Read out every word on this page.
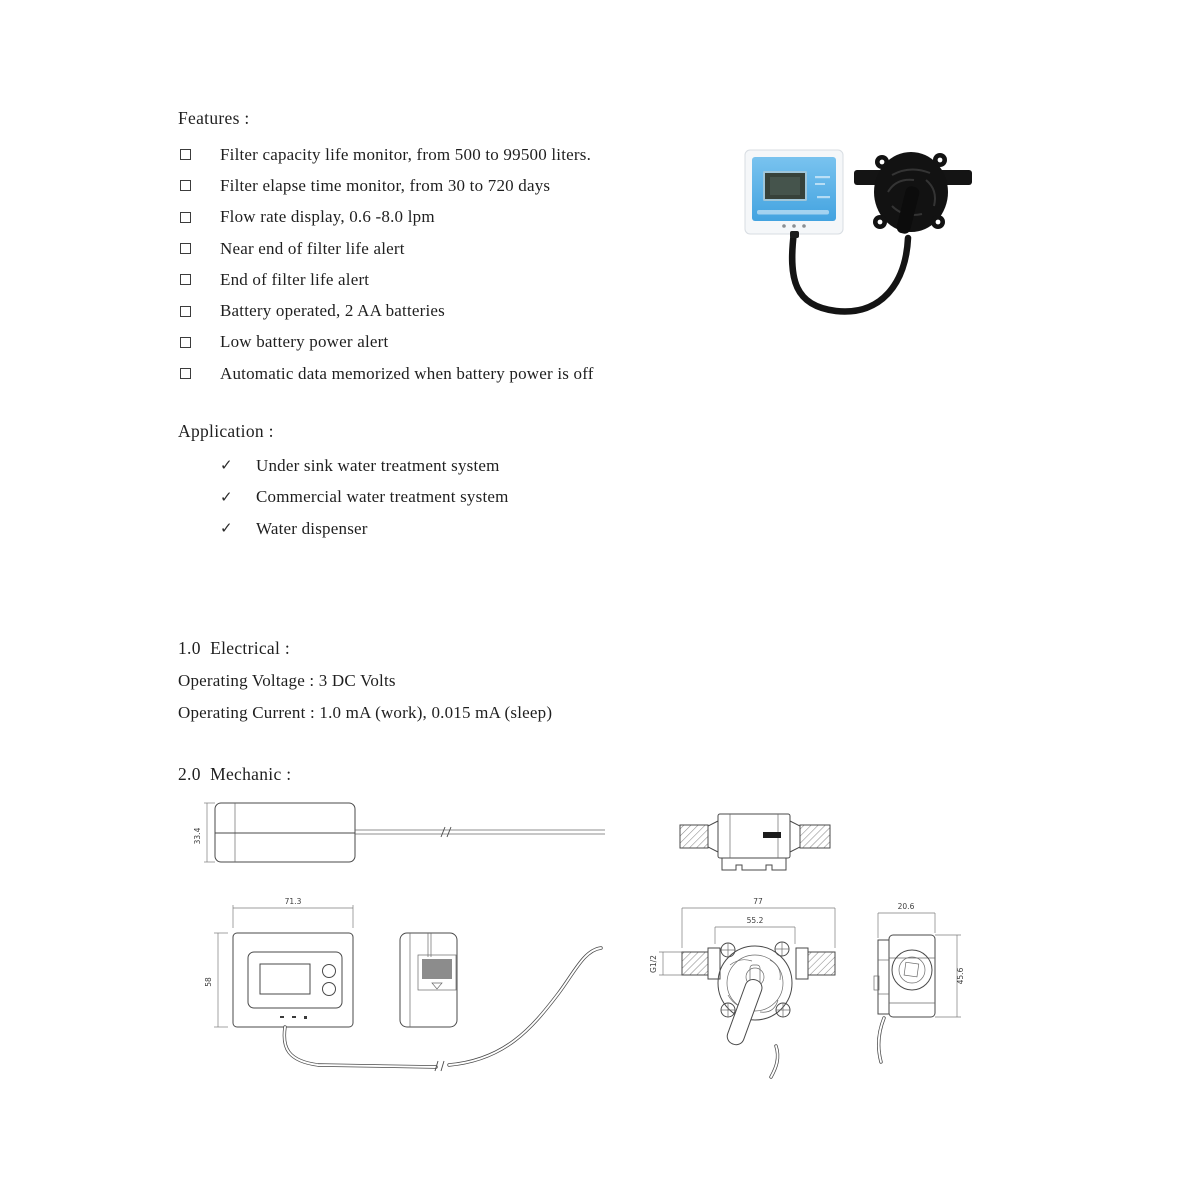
Features :
Filter capacity life monitor, from 500 to 99500 liters.
Filter elapse time monitor, from 30 to 720 days
Flow rate display, 0.6 -8.0 lpm
Near end of filter life alert
End of filter life alert
Battery operated, 2 AA batteries
Low battery power alert
Automatic data memorized when battery power is off
Application :
✓ Under sink water treatment system
✓ Commercial water treatment system
✓ Water dispenser
1.0  Electrical :
Operating Voltage : 3 DC Volts
Operating Current : 1.0 mA (work), 0.015 mA (sleep)
2.0  Mechanic :
33.4
71.3
58
77
55.2
G1/2
20.6
45.6
